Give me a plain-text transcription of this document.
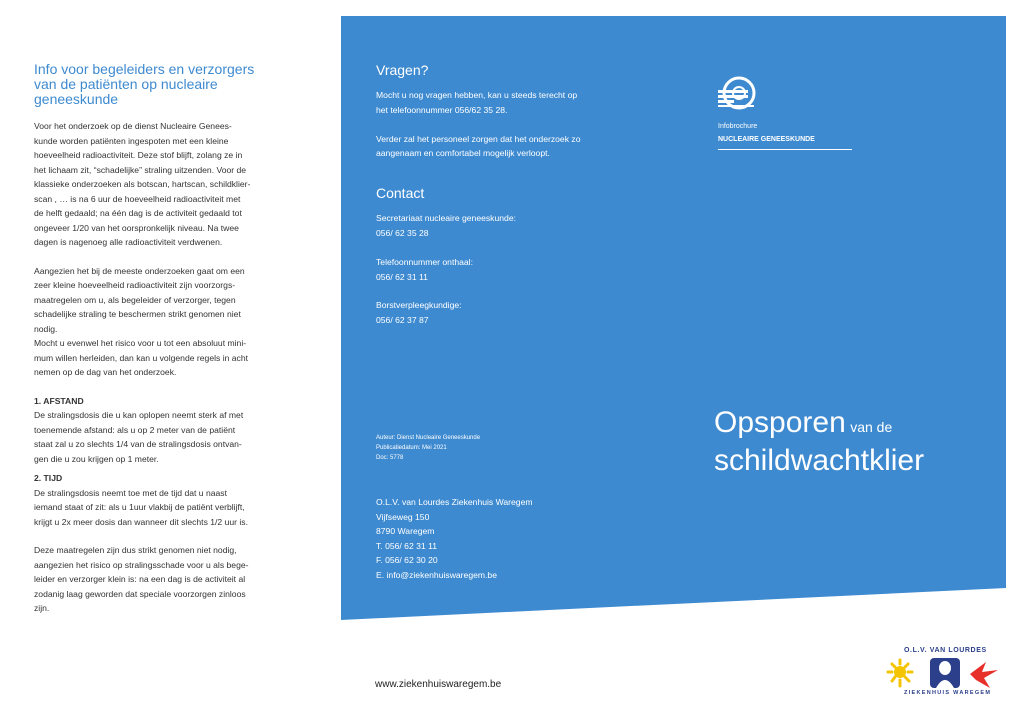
Info voor begeleiders en verzorgers
van de patiënten op nucleaire
geneeskunde

Voor het onderzoek op de dienst Nucleaire Genees-
kunde worden patiënten ingespoten met een kleine
hoeveelheid radioactiviteit. Deze stof blijft, zolang ze in
het lichaam zit, “schadelijke” straling uitzenden. Voor de
klassieke onderzoeken als botscan, hartscan, schildklier-
scan , … is na 6 uur de hoeveelheid radioactiviteit met
de helft gedaald; na één dag is de activiteit gedaald tot
ongeveer 1/20 van het oorspronkelijk niveau. Na twee
dagen is nagenoeg alle radioactiviteit verdwenen.

Aangezien het bij de meeste onderzoeken gaat om een
zeer kleine hoeveelheid radioactiviteit zijn voorzorgs-
maatregelen om u, als begeleider of verzorger, tegen
schadelijke straling te beschermen strikt genomen niet
nodig.
Mocht u evenwel het risico voor u tot een absoluut mini-
mum willen herleiden, dan kan u volgende regels in acht
nemen op de dag van het onderzoek.

1. AFSTAND

De stralingsdosis die u kan oplopen neemt sterk af met
toenemende afstand: als u op 2 meter van de patiënt
staat zal u zo slechts 1/4 van de stralingsdosis ontvan-
gen die u zou krijgen op 1 meter.

2. TIJD

De stralingsdosis neemt toe met de tijd dat u naast
iemand staat of zit: als u 1uur vlakbij de patiënt verblijft,
krijgt u 2x meer dosis dan wanneer dit slechts 1/2 uur is.

Deze maatregelen zijn dus strikt genomen niet nodig,
aangezien het risico op stralingsschade voor u als bege-
leider en verzorger klein is: na een dag is de activiteit al
zodanig laag geworden dat speciale voorzorgen zinloos
zijn.

Vragen?

Mocht u nog vragen hebben, kan u steeds terecht op
het telefoonnummer 056/62 35 28.

Verder zal het personeel zorgen dat het onderzoek zo
aangenaam en comfortabel mogelijk verloopt.

Contact

Secretariaat nucleaire geneeskunde:
056/ 62 35 28

Telefoonnummer onthaal:
056/ 62 31 11

Borstverpleegkundige:
056/ 62 37 87

Auteur: Dienst Nucleaire Geneeskunde
Publicatiedatum: Mei 2021
Doc: 5778
O.L.V. van Lourdes Ziekenhuis Waregem
Vijfseweg 150
8790 Waregem
T. 056/ 62 31 11
F. 056/ 62 30 20
E. info@ziekenhuiswaregem.be
Infobrochure
NUCLEAIRE GENEESKUNDE
Opsporen van de
schildwachtklier
www.ziekenhuiswaregem.be
O.L.V. VAN LOURDES
ZIEKENHUIS WAREGEM
